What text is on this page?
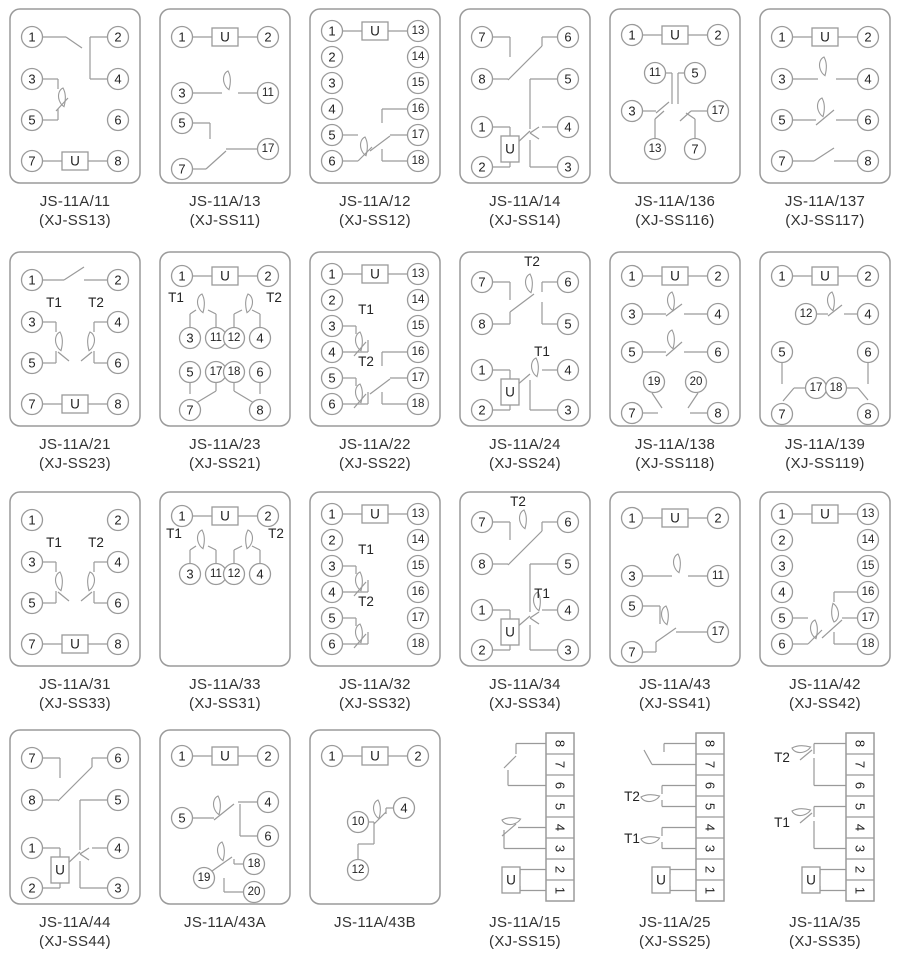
U
1	2
3	4
5	6
7	8
JS-11A/11
(XJ-SS13)
U
1	2
3	11
5
17
7
JS-11A/13
(XJ-SS11)
U
1
2
3
4
5
6
13
14
15
16
17
18
JS-11A/12
(XJ-SS12)
U
7	6
8	5
1	4
2	3
JS-11A/14
(XJ-SS14)
U
1	2
11 5
3	17
13 7
JS-11A/136
(XJ-SS116)
U
1	2
3	4
5	6
7	8
JS-11A/137
(XJ-SS117)
U
1	2
3	4
5	6
7	8
T1 T2
JS-11A/21
(XJ-SS23)
U
1	2
3 11 12 4
5 17 18 6
7	8
T1	T2
JS-11A/23
(XJ-SS21)
U
1
2
3
4
5
6
13
14
15
16
17
18
T1
T2
JS-11A/22
(XJ-SS22)
U
7	6
8	5
1	4
2	3
T2
T1
JS-11A/24
(XJ-SS24)
U
1	2
3	4
5	6
19	20
7	8
JS-11A/138
(XJ-SS118)
U
1	2
12	4
5	6
17 18
7	8
JS-11A/139
(XJ-SS119)
U
1	2
3	4
5	6
7	8
T1 T2
JS-11A/31
(XJ-SS33)
U
1	2
3 11 12 4
T1	T2
JS-11A/33
(XJ-SS31)
U
1
2
3
4
5
6
13
14
15
16
17
18
T1
T2
JS-11A/32
(XJ-SS32)
U
7	6
8	5
1	4
2	3
T2
T1
JS-11A/34
(XJ-SS34)
U
1	2
3	11
5
17
7
JS-11A/43
(XJ-SS41)
U
1
2
3
4
5
6
13
14
15
16
17
18
JS-11A/42
(XJ-SS42)
U
7	6
8	5
1	4
2	3
JS-11A/44
(XJ-SS44)
U
1	2
5
4
6
19
18
20
JS-11A/43A
U
1	2
10
4
12
JS-11A/43B
8
7
6
5
4
3
2
1
U
JS-11A/15
(XJ-SS15)
8
7
6
5
4
3
2
1
U
T2
T1
JS-11A/25
(XJ-SS25)
8
7
6
5
4
3
2
1
U
T2
T1
JS-11A/35
(XJ-SS35)
